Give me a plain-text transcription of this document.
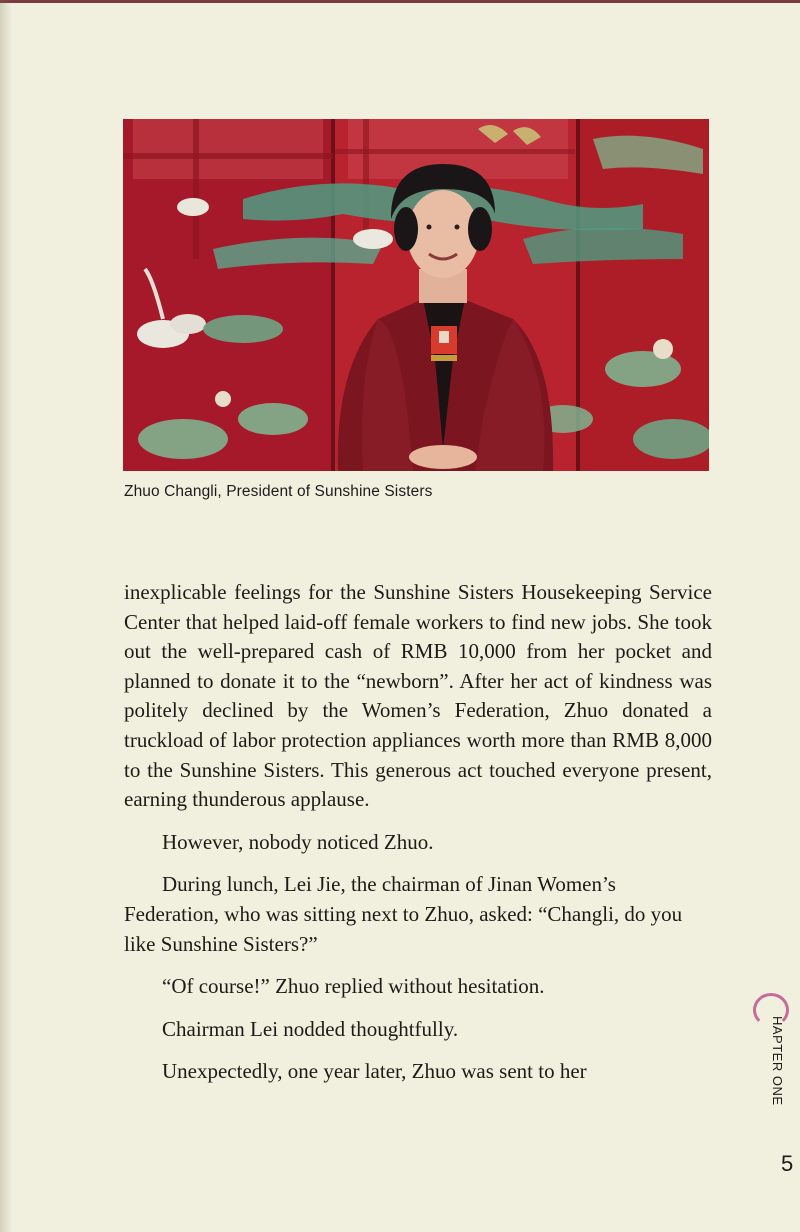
Zhuo Changli, President of Sunshine Sisters

inexplicable feelings for the Sunshine Sisters Housekeeping Service Center that helped laid-off female workers to find new jobs. She took out the well-prepared cash of RMB 10,000 from her pocket and planned to donate it to the “newborn”. After her act of kindness was politely declined by the Women’s Federation, Zhuo donated a truckload of labor protection appliances worth more than RMB 8,000 to the Sunshine Sisters. This generous act touched everyone present, earning thunderous applause.

However, nobody noticed Zhuo.

During lunch, Lei Jie, the chairman of Jinan Women’s Federation, who was sitting next to Zhuo, asked: “Changli, do you like Sunshine Sisters?”

“Of course!” Zhuo replied without hesitation.

Chairman Lei nodded thoughtfully.

Unexpectedly, one year later, Zhuo was sent to her	HAPTER ONE
5
